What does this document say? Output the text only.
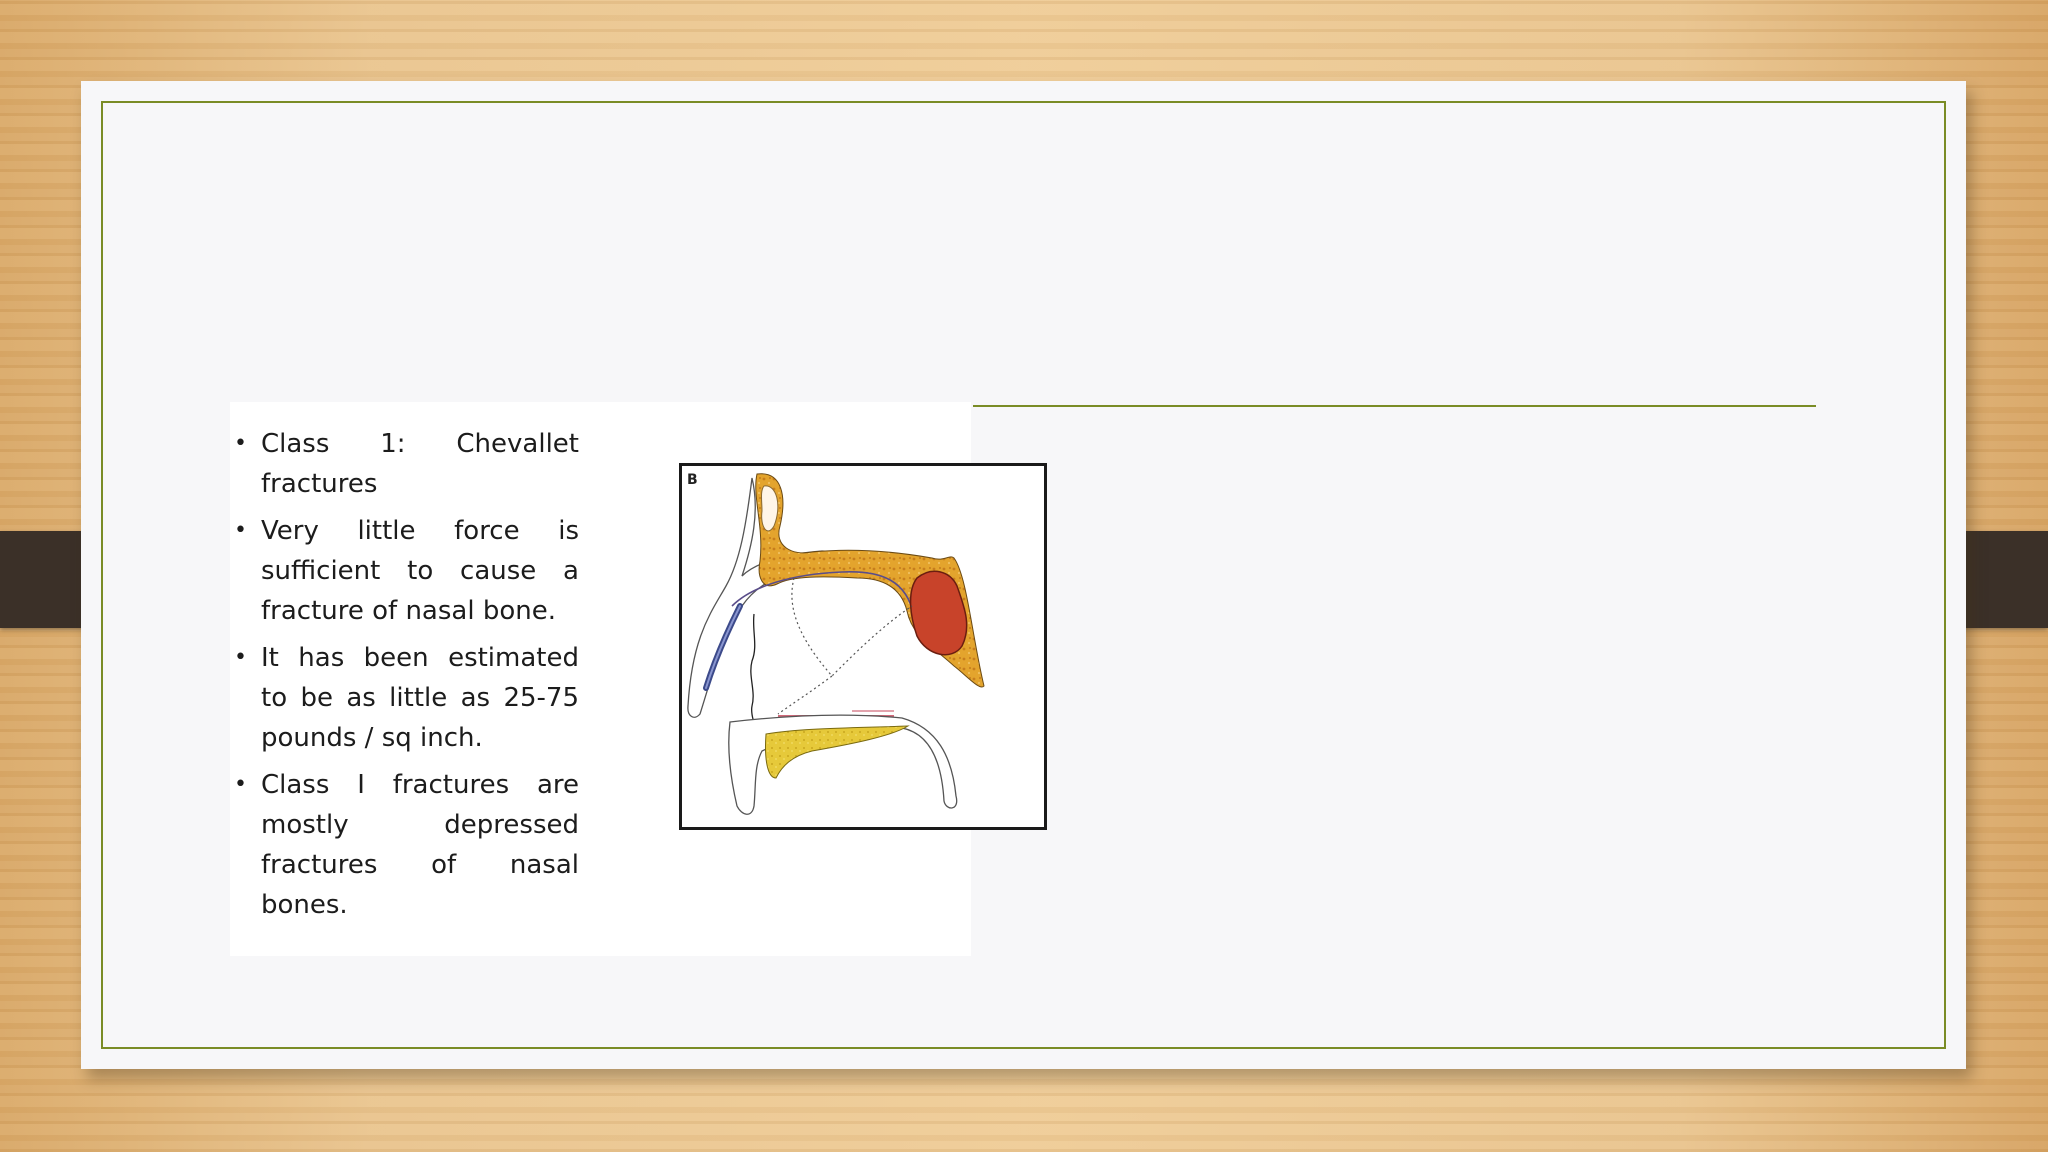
• Class 1: Chevallet fractures
• Very little force is sufficient to cause a fracture of nasal bone.
• It has been estimated to be as little as 25-75 pounds / sq inch.
• Class I fractures are mostly depressed fractures of nasal bones.
B
